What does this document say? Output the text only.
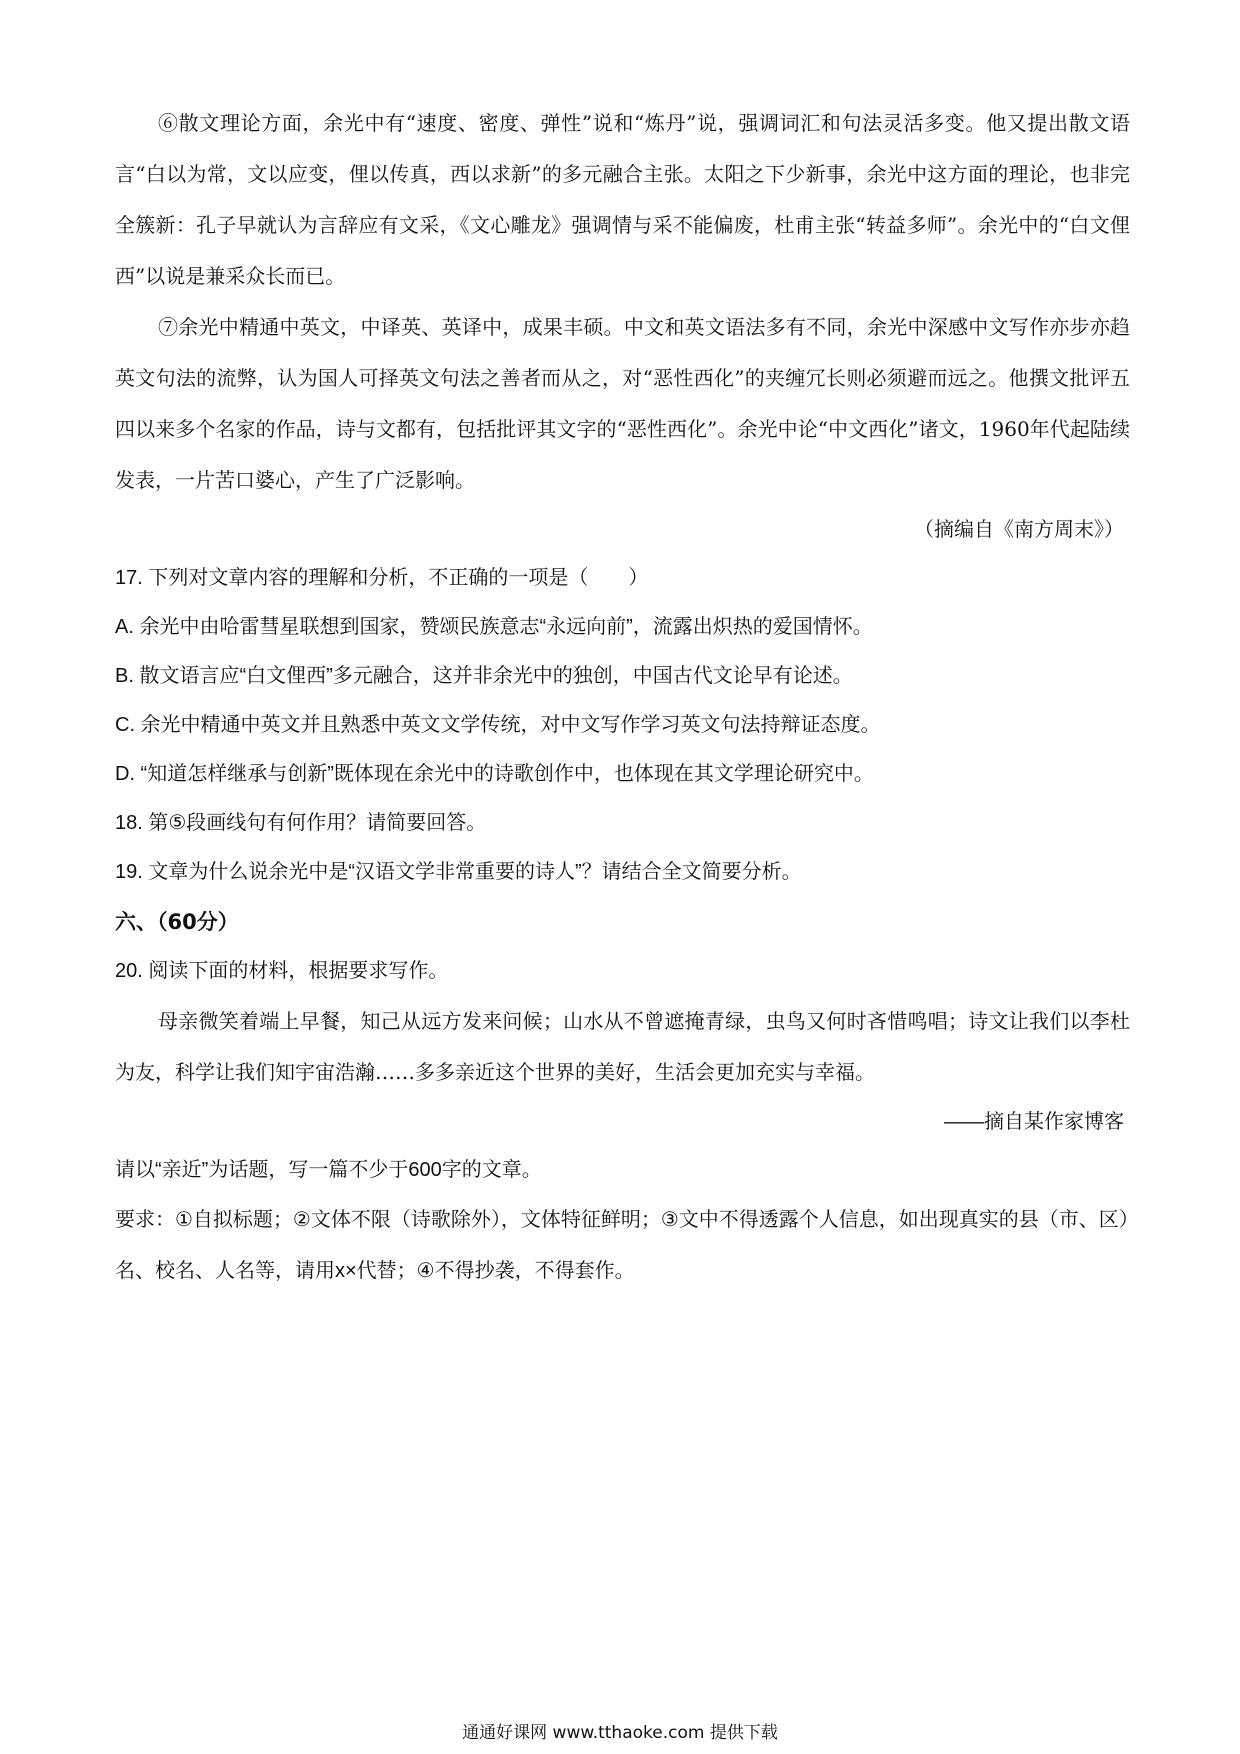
⑥散文理论方面，余光中有“速度、密度、弹性”说和“炼丹”说，强调词汇和句法灵活多变。他又提出散文语言“白以为常，文以应变，俚以传真，西以求新”的多元融合主张。太阳之下少新事，余光中这方面的理论，也非完全簇新：孔子早就认为言辞应有文采，《文心雕龙》强调情与采不能偏废，杜甫主张“转益多师”。余光中的“白文俚西”以说是兼采众长而已。

⑦余光中精通中英文，中译英、英译中，成果丰硕。中文和英文语法多有不同，余光中深感中文写作亦步亦趋英文句法的流弊，认为国人可择英文句法之善者而从之，对“恶性西化”的夹缠冗长则必须避而远之。他撰文批评五四以来多个名家的作品，诗与文都有，包括批评其文字的“恶性西化”。余光中论“中文西化”诸文，1960年代起陆续发表，一片苦口婆心，产生了广泛影响。

（摘编自《南方周末》）

17. 下列对文章内容的理解和分析，不正确的一项是（　　）

A. 余光中由哈雷彗星联想到国家，赞颂民族意志“永远向前”，流露出炽热的爱国情怀。

B. 散文语言应“白文俚西”多元融合，这并非余光中的独创，中国古代文论早有论述。

C. 余光中精通中英文并且熟悉中英文文学传统，对中文写作学习英文句法持辩证态度。

D. “知道怎样继承与创新”既体现在余光中的诗歌创作中，也体现在其文学理论研究中。

18. 第⑤段画线句有何作用？请简要回答。

19. 文章为什么说余光中是“汉语文学非常重要的诗人”？请结合全文简要分析。

六、（60分）

20. 阅读下面的材料，根据要求写作。

母亲微笑着端上早餐，知己从远方发来问候；山水从不曾遮掩青绿，虫鸟又何时吝惜鸣唱；诗文让我们以李杜为友，科学让我们知宇宙浩瀚……多多亲近这个世界的美好，生活会更加充实与幸福。

——摘自某作家博客

请以“亲近”为话题，写一篇不少于600字的文章。

要求：①自拟标题；②文体不限（诗歌除外），文体特征鲜明；③文中不得透露个人信息，如出现真实的县（市、区）名、校名、人名等，请用x×代替；④不得抄袭，不得套作。

通通好课网 www.tthaoke.com 提供下载
